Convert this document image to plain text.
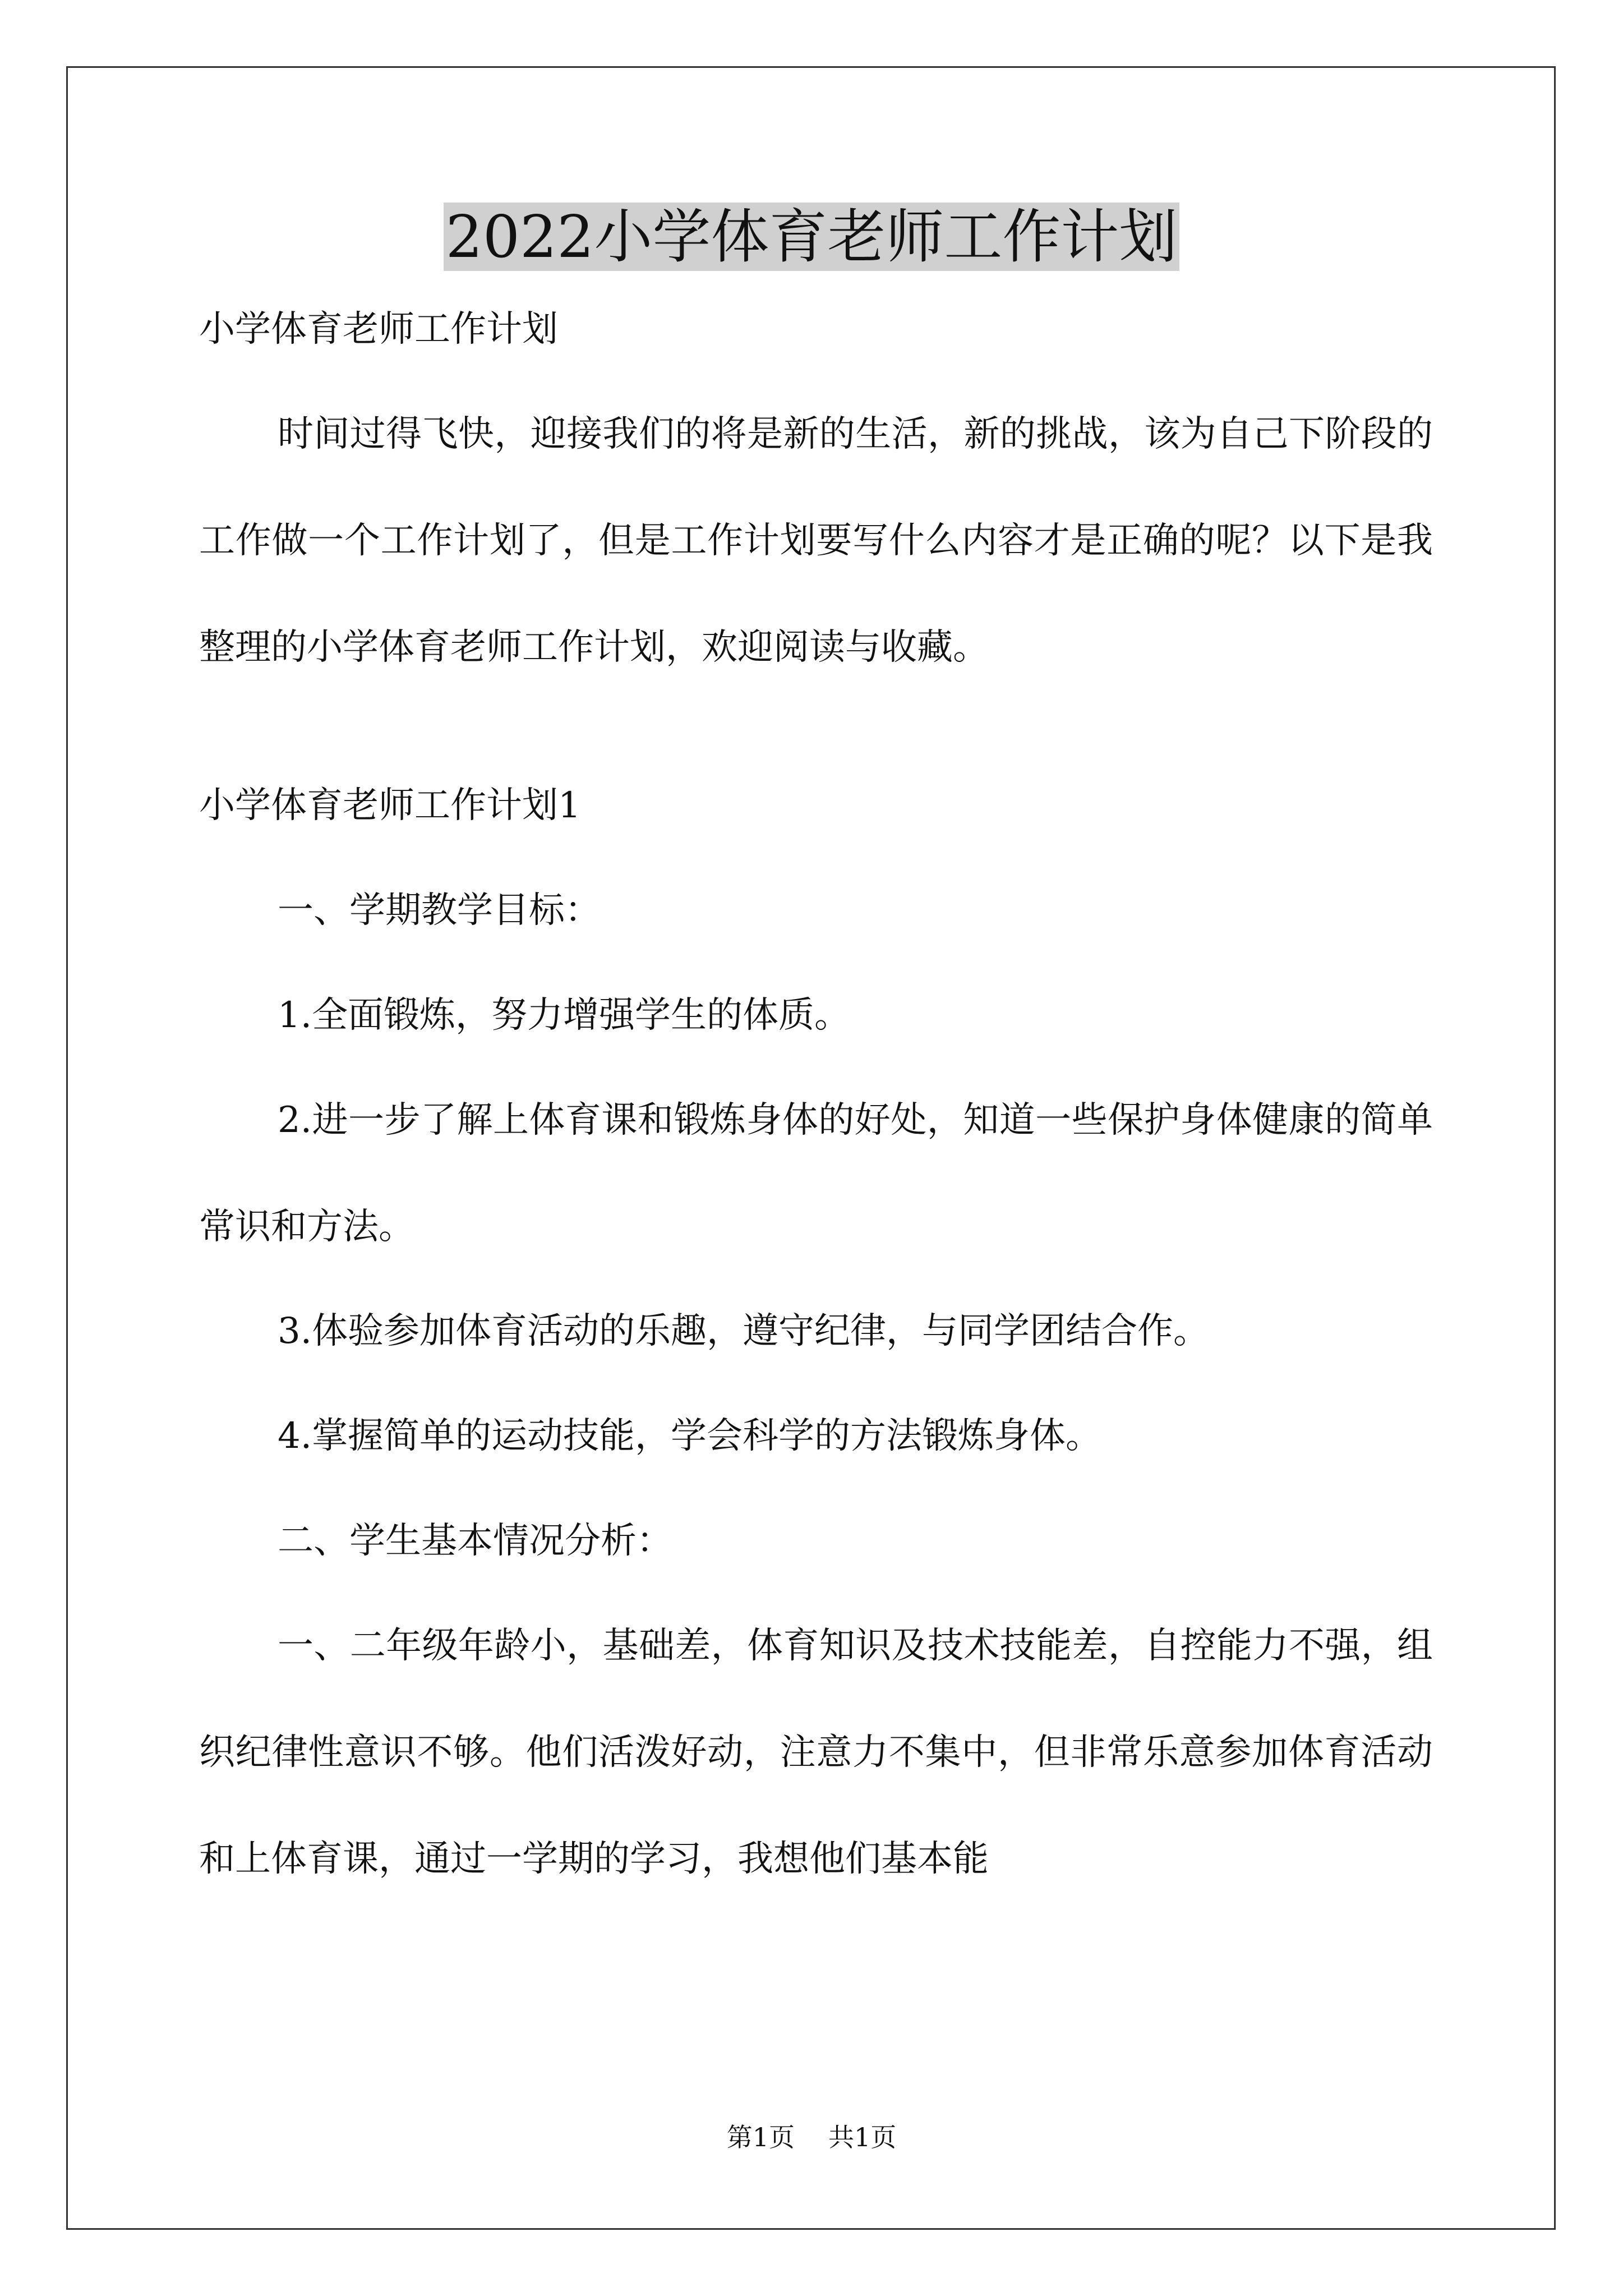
2022小学体育老师工作计划

小学体育老师工作计划

时间过得飞快，迎接我们的将是新的生活，新的挑战，该为自己下阶段的工作做一个工作计划了，但是工作计划要写什么内容才是正确的呢？以下是我整理的小学体育老师工作计划，欢迎阅读与收藏。

小学体育老师工作计划1

一、学期教学目标：

1.全面锻炼，努力增强学生的体质。

2.进一步了解上体育课和锻炼身体的好处，知道一些保护身体健康的简单常识和方法。

3.体验参加体育活动的乐趣，遵守纪律，与同学团结合作。

4.掌握简单的运动技能，学会科学的方法锻炼身体。

二、学生基本情况分析：

一、二年级年龄小，基础差，体育知识及技术技能差，自控能力不强，组织纪律性意识不够。他们活泼好动，注意力不集中，但非常乐意参加体育活动和上体育课，通过一学期的学习，我想他们基本能

第1页 共1页
